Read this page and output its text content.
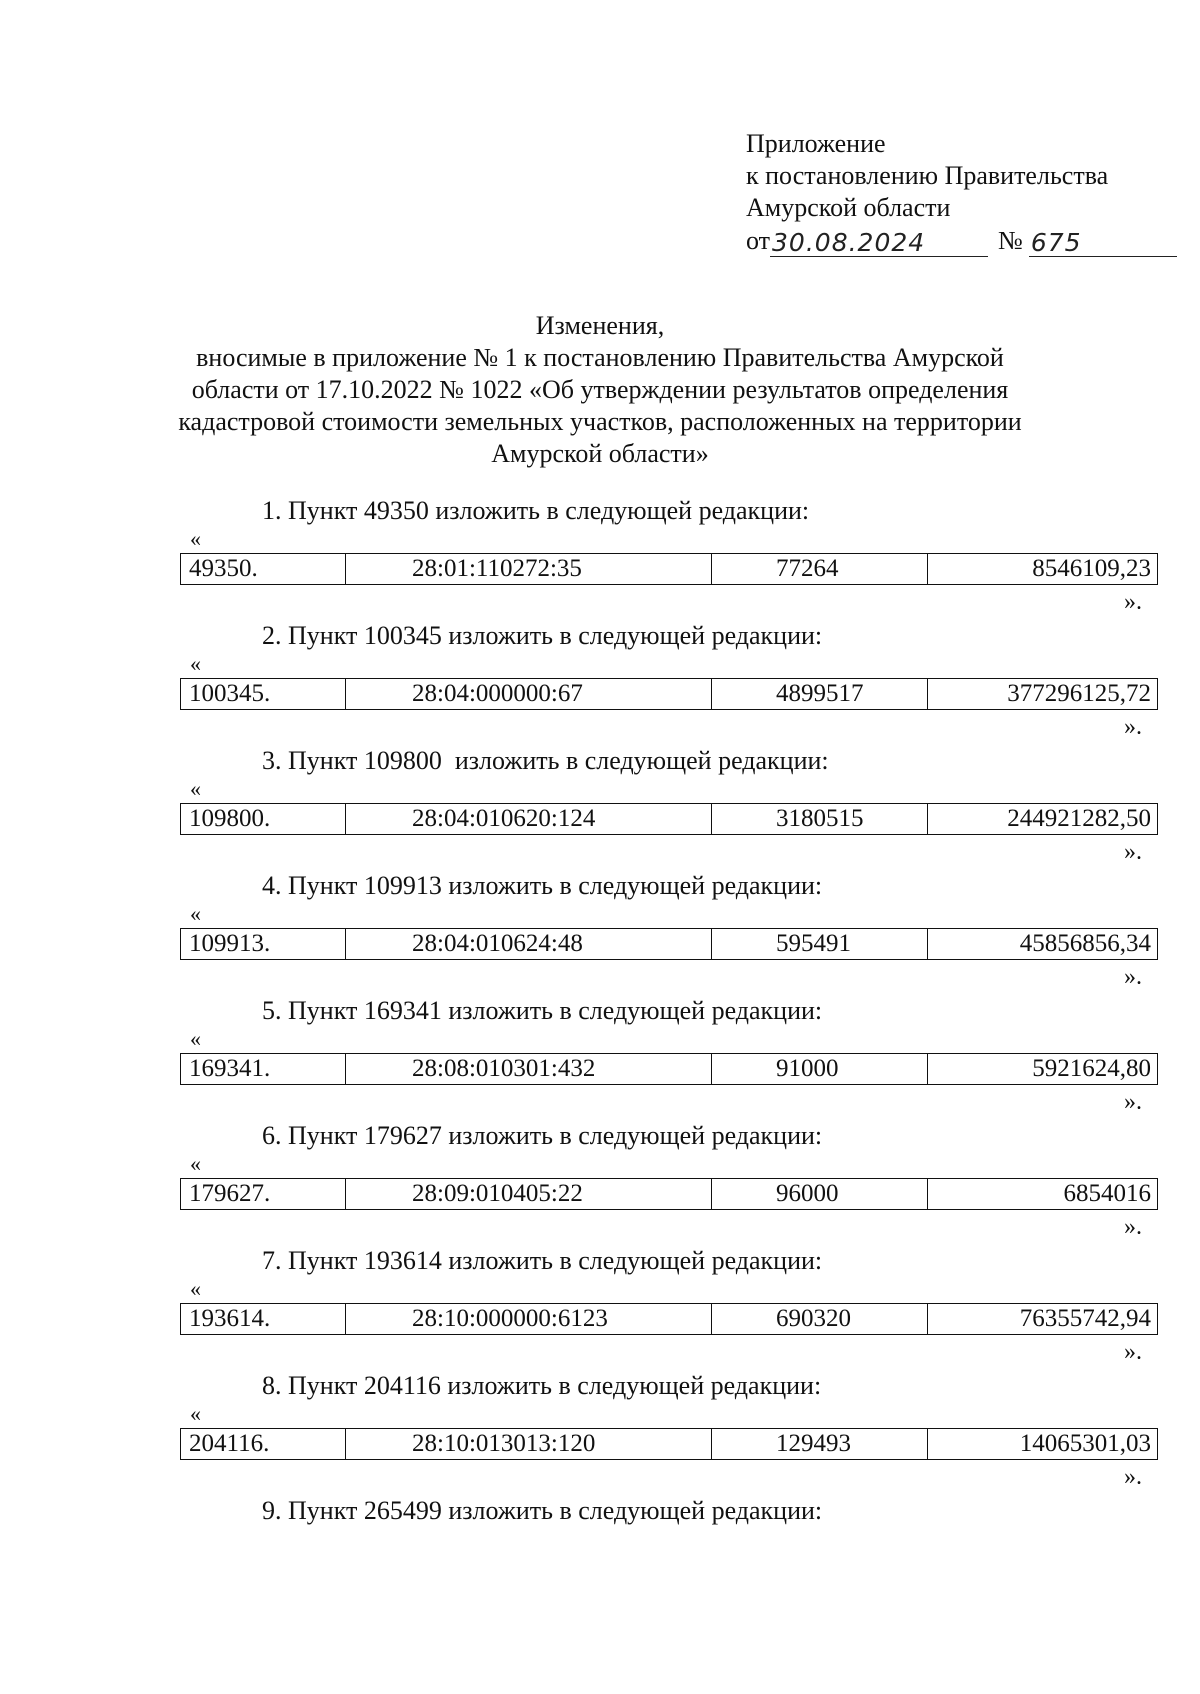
Приложение
к постановлению Правительства
Амурской области
от 30.08.2024	№ 675
Изменения,
вносимые в приложение № 1 к постановлению Правительства Амурской
области от 17.10.2022 № 1022 «Об утверждении результатов определения
кадастровой стоимости земельных участков, расположенных на территории
Амурской области»
1. Пункт 49350 изложить в следующей редакции:
«
49350.	28:01:110272:35	77264	8546109,23
».
2. Пункт 100345 изложить в следующей редакции:
«
100345.	28:04:000000:67	4899517	377296125,72
».
3. Пункт 109800  изложить в следующей редакции:
«
109800.	28:04:010620:124	3180515	244921282,50
».
4. Пункт 109913 изложить в следующей редакции:
«
109913.	28:04:010624:48	595491	45856856,34
».
5. Пункт 169341 изложить в следующей редакции:
«
169341.	28:08:010301:432	91000	5921624,80
».
6. Пункт 179627 изложить в следующей редакции:
«
179627.	28:09:010405:22	96000	6854016
».
7. Пункт 193614 изложить в следующей редакции:
«
193614.	28:10:000000:6123	690320	76355742,94
».
8. Пункт 204116 изложить в следующей редакции:
«
204116.	28:10:013013:120	129493	14065301,03
».
9. Пункт 265499 изложить в следующей редакции:
